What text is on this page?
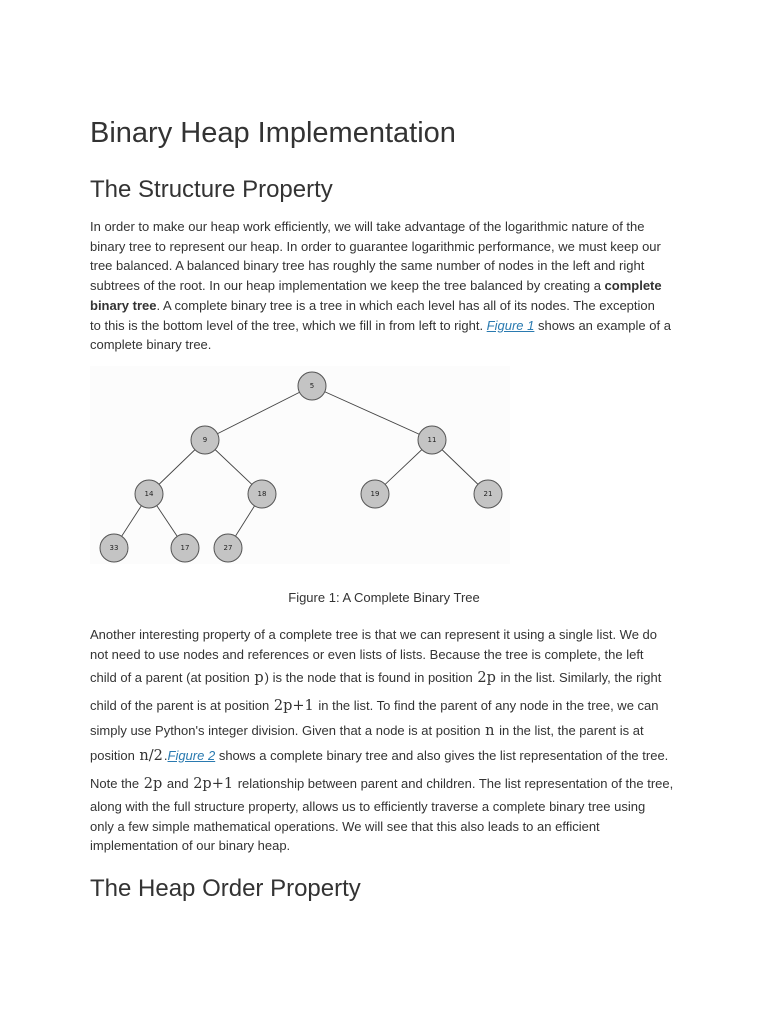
Binary Heap Implementation
The Structure Property
In order to make our heap work efficiently, we will take advantage of the logarithmic nature of the
binary tree to represent our heap. In order to guarantee logarithmic performance, we must keep our
tree balanced. A balanced binary tree has roughly the same number of nodes in the left and right
subtrees of the root. In our heap implementation we keep the tree balanced by creating a complete
binary tree. A complete binary tree is a tree in which each level has all of its nodes. The exception
to this is the bottom level of the tree, which we fill in from left to right. Figure 1 shows an example of a
complete binary tree.
5
9	11
14	18	19	21
33	17	27
Figure 1: A Complete Binary Tree
Another interesting property of a complete tree is that we can represent it using a single list. We do
not need to use nodes and references or even lists of lists. Because the tree is complete, the left
child of a parent (at position p) is the node that is found in position 2p in the list. Similarly, the right
child of the parent is at position 2p+1 in the list. To find the parent of any node in the tree, we can
simply use Python's integer division. Given that a node is at position n in the list, the parent is at
position n/2.Figure 2 shows a complete binary tree and also gives the list representation of the tree.
Note the 2p and 2p+1 relationship between parent and children. The list representation of the tree,
along with the full structure property, allows us to efficiently traverse a complete binary tree using
only a few simple mathematical operations. We will see that this also leads to an efficient
implementation of our binary heap.
The Heap Order Property
